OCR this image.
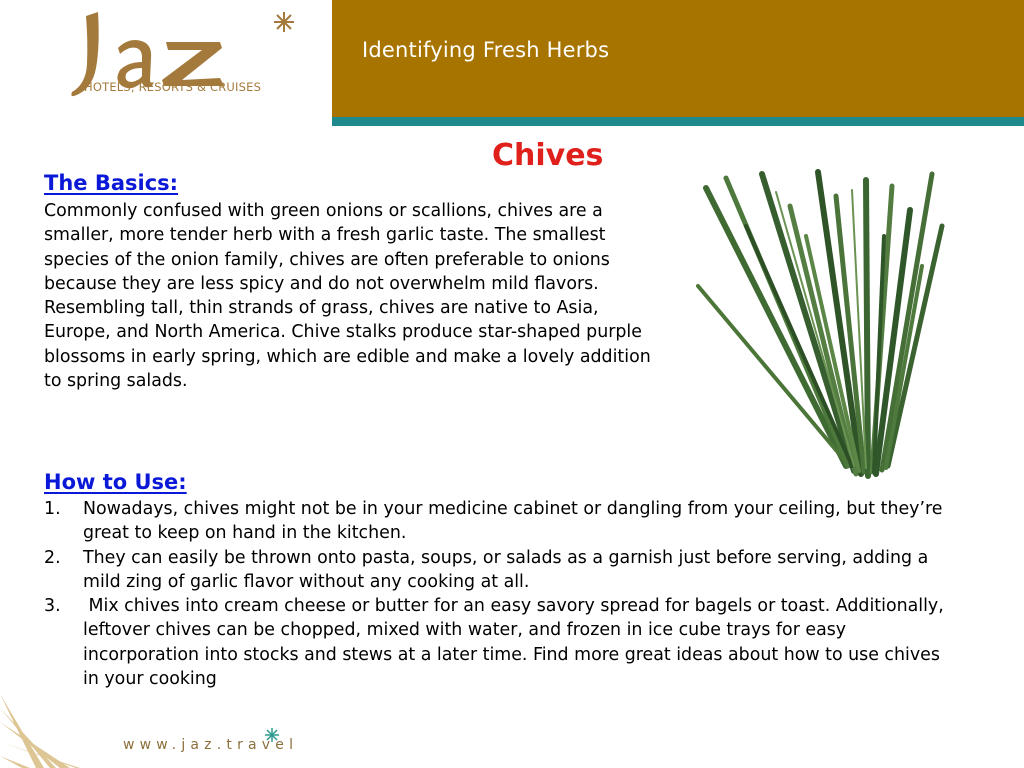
HOTELS, RESORTS & CRUISES
Identifying Fresh Herbs
Chives
The Basics:
Commonly confused with green onions or scallions, chives are a smaller, more tender herb with a fresh garlic taste. The smallest species of the onion family, chives are often preferable to onions because they are less spicy and do not overwhelm mild flavors. Resembling tall, thin strands of grass, chives are native to Asia, Europe, and North America. Chive stalks produce star-shaped purple blossoms in early spring, which are edible and make a lovely addition to spring salads.
How to Use:
1. Nowadays, chives might not be in your medicine cabinet or dangling from your ceiling, but they’re great to keep on hand in the kitchen.
2. They can easily be thrown onto pasta, soups, or salads as a garnish just before serving, adding a mild zing of garlic flavor without any cooking at all.
3. Mix chives into cream cheese or butter for an easy savory spread for bagels or toast. Additionally, leftover chives can be chopped, mixed with water, and frozen in ice cube trays for easy incorporation into stocks and stews at a later time. Find more great ideas about how to use chives in your cooking
www.jaz.travel
